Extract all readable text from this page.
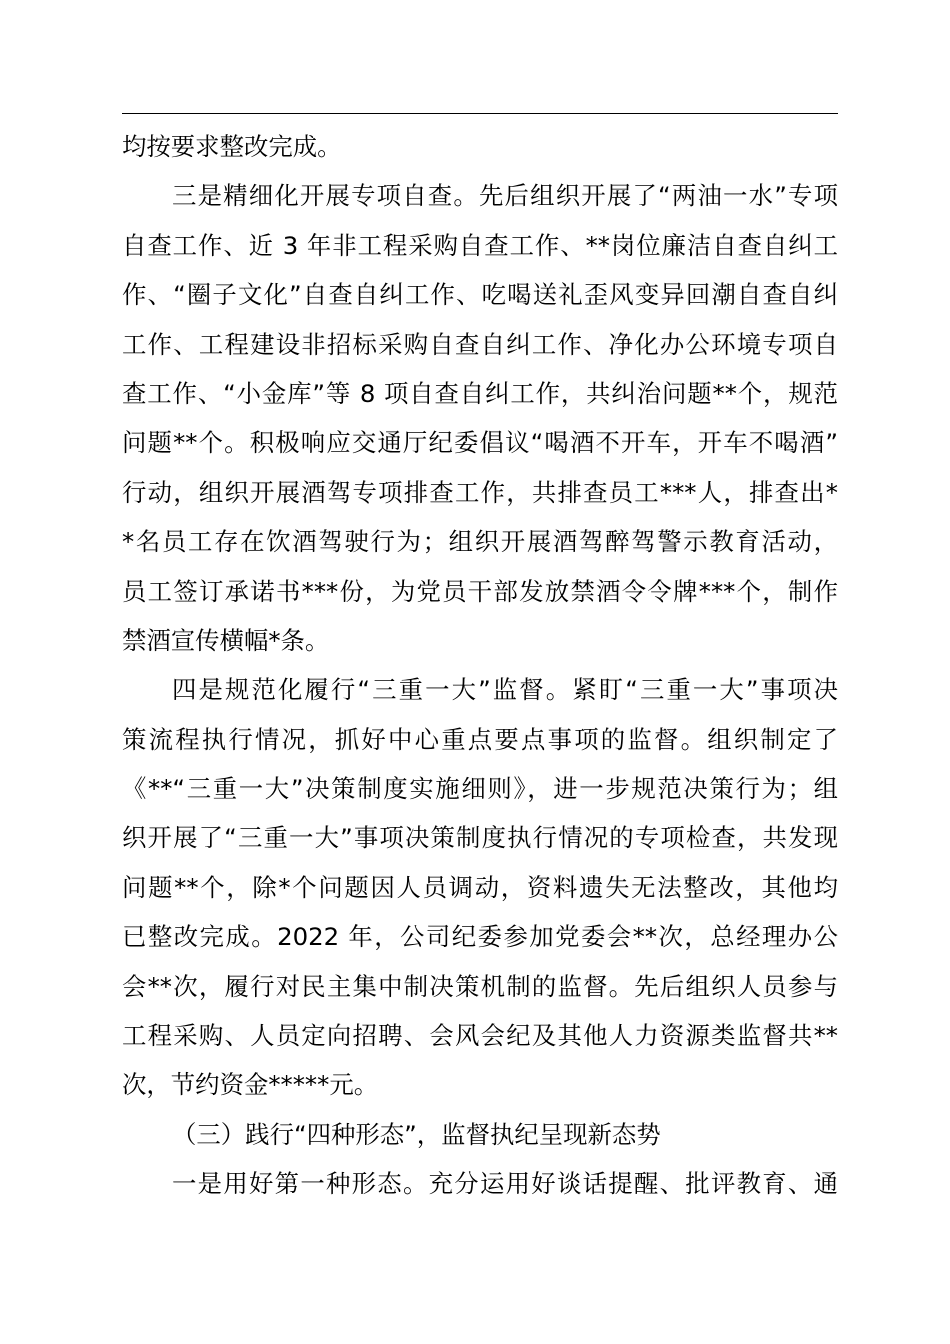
均按要求整改完成。
三是精细化开展专项自查。先后组织开展了“两油一水”专项
自查工作、近 3 年非工程采购自查工作、**岗位廉洁自查自纠工
作、“圈子文化”自查自纠工作、吃喝送礼歪风变异回潮自查自纠
工作、工程建设非招标采购自查自纠工作、净化办公环境专项自
查工作、“小金库”等 8 项自查自纠工作，共纠治问题**个，规范
问题**个。积极响应交通厅纪委倡议“喝酒不开车，开车不喝酒”
行动，组织开展酒驾专项排查工作，共排查员工***人，排查出*
*名员工存在饮酒驾驶行为；组织开展酒驾醉驾警示教育活动，
员工签订承诺书***份，为党员干部发放禁酒令令牌***个，制作
禁酒宣传横幅*条。
四是规范化履行“三重一大”监督。紧盯“三重一大”事项决
策流程执行情况，抓好中心重点要点事项的监督。组织制定了
《**“三重一大”决策制度实施细则》，进一步规范决策行为；组
织开展了“三重一大”事项决策制度执行情况的专项检查，共发现
问题**个，除*个问题因人员调动，资料遗失无法整改，其他均
已整改完成。2022 年，公司纪委参加党委会**次，总经理办公
会**次，履行对民主集中制决策机制的监督。先后组织人员参与
工程采购、人员定向招聘、会风会纪及其他人力资源类监督共**
次，节约资金*****元。
（三）践行“四种形态”，监督执纪呈现新态势
一是用好第一种形态。充分运用好谈话提醒、批评教育、通
